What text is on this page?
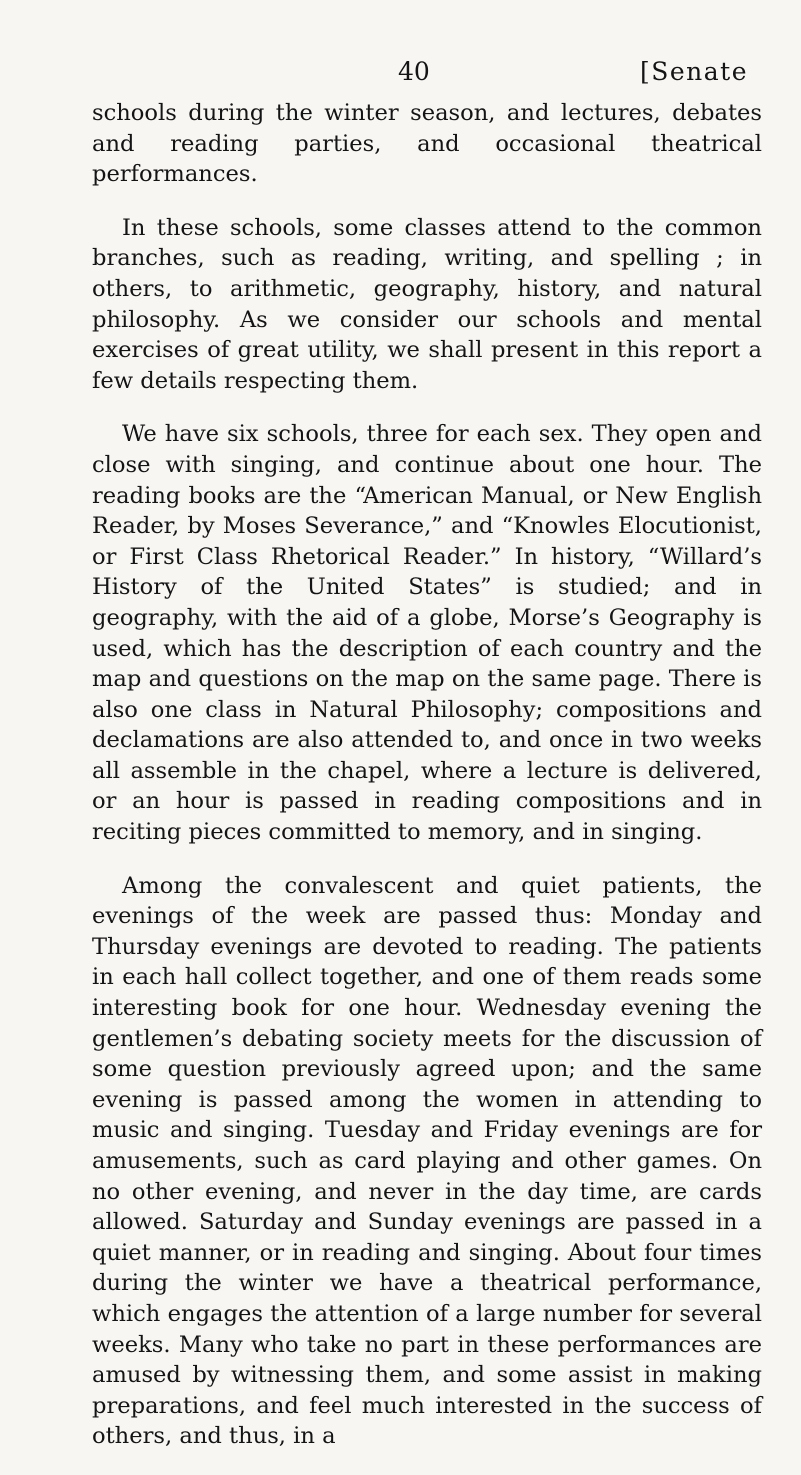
40	[Senate

schools during the winter season, and lectures, debates and reading parties, and occasional theatrical performances.

In these schools, some classes attend to the common branches, such as reading, writing, and spelling ; in others, to arithmetic, geography, history, and natural philosophy. As we consider our schools and mental exercises of great utility, we shall present in this report a few details respecting them.

We have six schools, three for each sex. They open and close with singing, and continue about one hour. The reading books are the “American Manual, or New English Reader, by Moses Severance,” and “Knowles Elocutionist, or First Class Rhetorical Reader.” In history, “Willard’s History of the United States” is studied; and in geography, with the aid of a globe, Morse’s Geography is used, which has the description of each country and the map and questions on the map on the same page. There is also one class in Natural Philosophy; compositions and declamations are also attended to, and once in two weeks all assemble in the chapel, where a lecture is delivered, or an hour is passed in reading compositions and in reciting pieces committed to memory, and in singing.

Among the convalescent and quiet patients, the evenings of the week are passed thus: Monday and Thursday evenings are devoted to reading. The patients in each hall collect together, and one of them reads some interesting book for one hour. Wednesday evening the gentlemen’s debating society meets for the discussion of some question previously agreed upon; and the same evening is passed among the women in attending to music and singing. Tuesday and Friday evenings are for amusements, such as card playing and other games. On no other evening, and never in the day time, are cards allowed. Saturday and Sunday evenings are passed in a quiet manner, or in reading and singing. About four times during the winter we have a theatrical performance, which engages the attention of a large number for several weeks. Many who take no part in these performances are amused by witnessing them, and some assist in making preparations, and feel much interested in the success of others, and thus, in a
